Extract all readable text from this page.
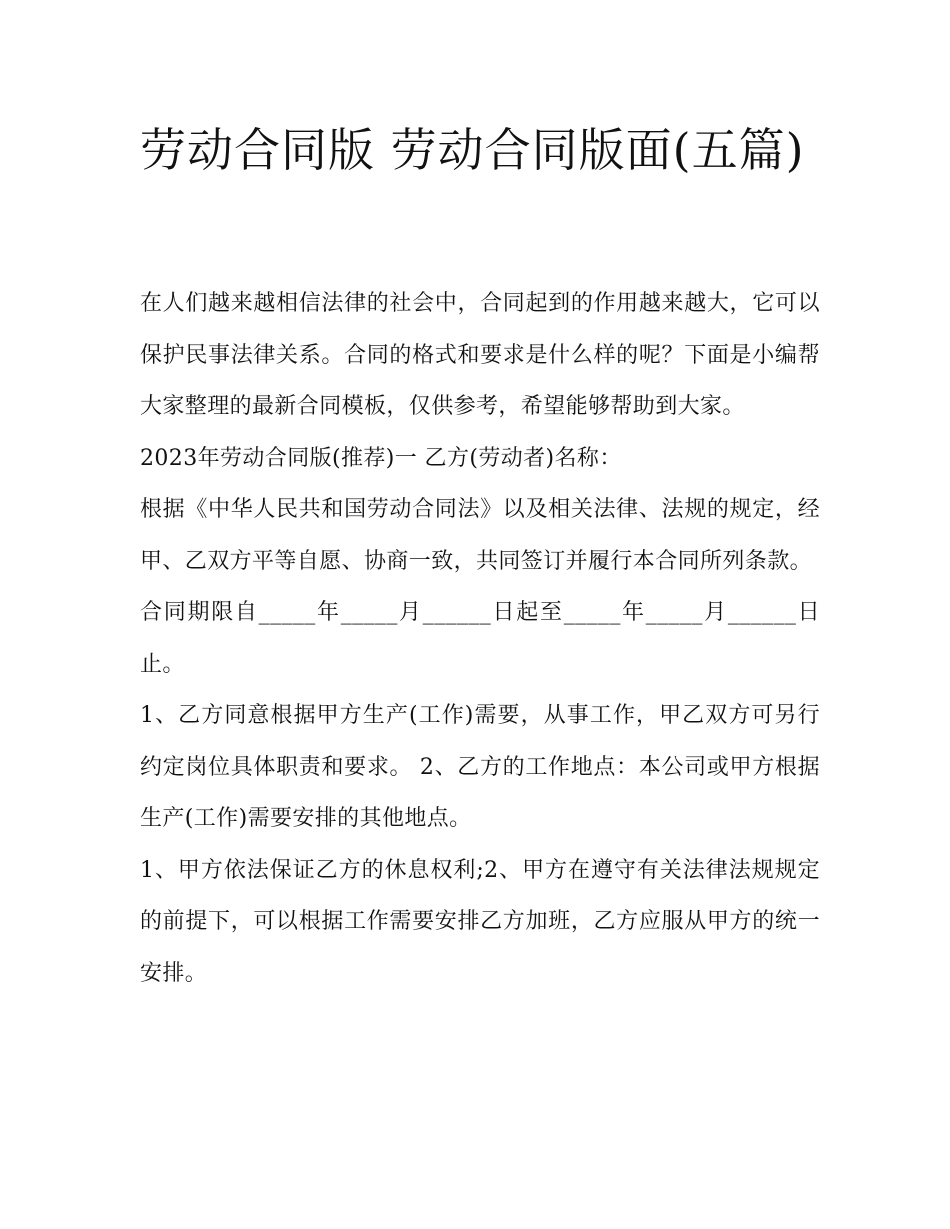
劳动合同版 劳动合同版面(五篇)

在人们越来越相信法律的社会中，合同起到的作用越来越大，它可以保护民事法律关系。合同的格式和要求是什么样的呢？下面是小编帮大家整理的最新合同模板，仅供参考，希望能够帮助到大家。

2023年劳动合同版(推荐)一 乙方(劳动者)名称：

根据《中华人民共和国劳动合同法》以及相关法律、法规的规定，经甲、乙双方平等自愿、协商一致，共同签订并履行本合同所列条款。

合同期限自_____年_____月______日起至_____年_____月______日止。

1、乙方同意根据甲方生产(工作)需要，从事工作，甲乙双方可另行约定岗位具体职责和要求。 2、乙方的工作地点：本公司或甲方根据生产(工作)需要安排的其他地点。

1、甲方依法保证乙方的休息权利;2、甲方在遵守有关法律法规规定的前提下，可以根据工作需要安排乙方加班，乙方应服从甲方的统一安排。
